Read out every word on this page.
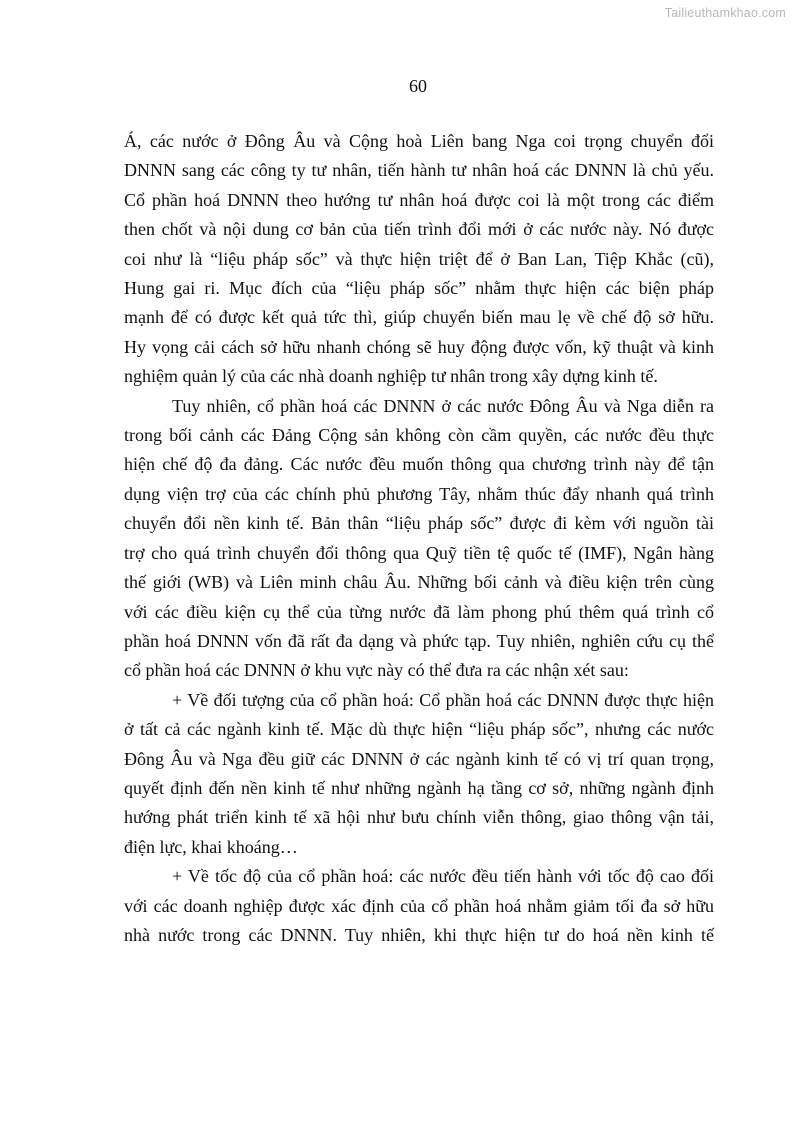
Tailieuthamkhao.com
60

Á, các nước ở Đông Âu và Cộng hoà Liên bang Nga coi trọng chuyển đổi
DNNN sang các công ty tư nhân, tiến hành tư nhân hoá các DNNN là chủ yếu.
Cổ phần hoá DNNN theo hướng tư nhân hoá được coi là một trong các điểm
then chốt và nội dung cơ bản của tiến trình đổi mới ở các nước này. Nó được
coi như là “liệu pháp sốc” và thực hiện triệt để ở Ban Lan, Tiệp Khắc (cũ),
Hung gai ri. Mục đích của “liệu pháp sốc” nhằm thực hiện các biện pháp
mạnh để có được kết quả tức thì, giúp chuyển biến mau lẹ về chế độ sở hữu.
Hy vọng cải cách sở hữu nhanh chóng sẽ huy động được vốn, kỹ thuật và kinh
nghiệm quản lý của các nhà doanh nghiệp tư nhân trong xây dựng kinh tế.

Tuy nhiên, cổ phần hoá các DNNN ở các nước Đông Âu và Nga diễn ra
trong bối cảnh các Đảng Cộng sản không còn cầm quyền, các nước đều thực
hiện chế độ đa đảng. Các nước đều muốn thông qua chương trình này để tận
dụng viện trợ của các chính phủ phương Tây, nhằm thúc đẩy nhanh quá trình
chuyển đổi nền kinh tế. Bản thân “liệu pháp sốc” được đi kèm với nguồn tài
trợ cho quá trình chuyển đổi thông qua Quỹ tiền tệ quốc tế (IMF), Ngân hàng
thế giới (WB) và Liên minh châu Âu. Những bối cảnh và điều kiện trên cùng
với các điều kiện cụ thể của từng nước đã làm phong phú thêm quá trình cổ
phần hoá DNNN vốn đã rất đa dạng và phức tạp. Tuy nhiên, nghiên cứu cụ thể
cổ phần hoá các DNNN ở khu vực này có thể đưa ra các nhận xét sau:

+ Về đối tượng của cổ phần hoá: Cổ phần hoá các DNNN được thực hiện
ở tất cả các ngành kinh tế. Mặc dù thực hiện “liệu pháp sốc”, nhưng các nước
Đông Âu và Nga đều giữ các DNNN ở các ngành kinh tế có vị trí quan trọng,
quyết định đến nền kinh tế như những ngành hạ tầng cơ sở, những ngành định
hướng phát triển kinh tế xã hội như bưu chính viễn thông, giao thông vận tải,
điện lực, khai khoáng…

+ Về tốc độ của cổ phần hoá: các nước đều tiến hành với tốc độ cao đối
với các doanh nghiệp được xác định của cổ phần hoá nhằm giảm tối đa sở hữu
nhà nước trong các DNNN. Tuy nhiên, khi thực hiện tư do hoá nền kinh tế
